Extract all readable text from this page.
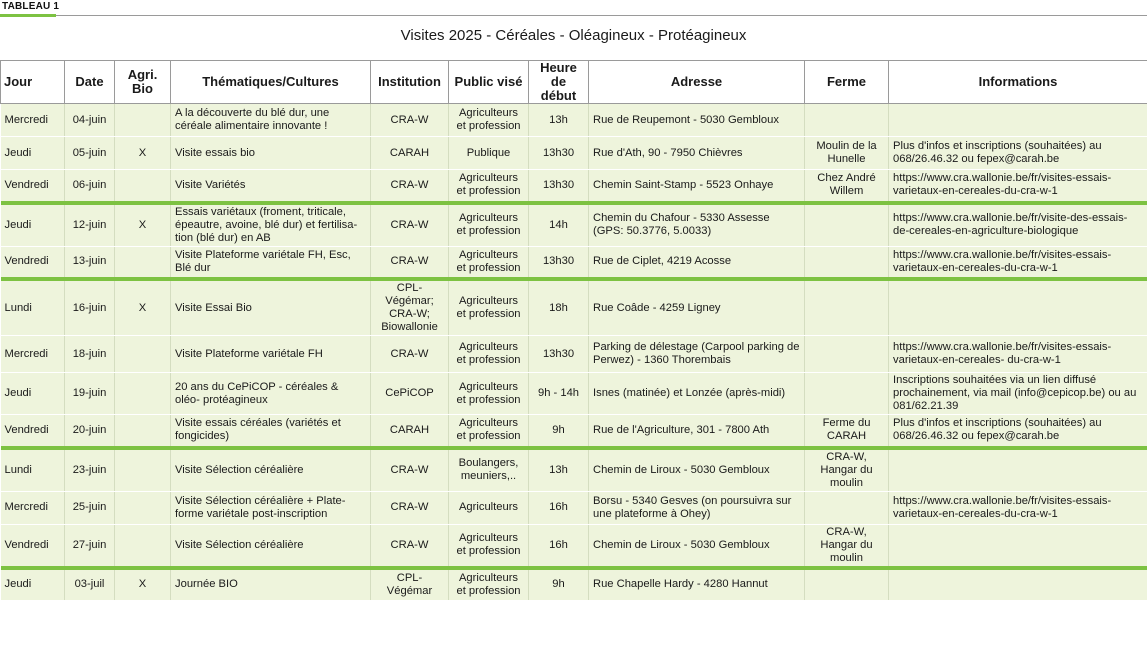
TABLEAU 1
Visites 2025 - Céréales - Oléagineux - Protéagineux
Jour	Date	Agri. Bio	Thématiques/Cultures	Institution	Public visé	Heure de début	Adresse	Ferme	Informations
Mercredi	04-juin		A la découverte du blé dur, une céréale alimentaire innovante !	CRA-W	Agriculteurs et profession	13h	Rue de Reupemont - 5030 Gembloux		
Jeudi	05-juin	X	Visite essais bio	CARAH	Publique	13h30	Rue d'Ath, 90 - 7950 Chièvres	Moulin de la Hunelle	Plus d'infos et inscriptions (souhaitées) au 068/26.46.32 ou fepex@carah.be
Vendredi	06-juin		Visite Variétés	CRA-W	Agriculteurs et profession	13h30	Chemin Saint-Stamp - 5523 Onhaye	Chez André Willem	https://www.cra.wallonie.be/fr/visites-essais-varietaux-en-cereales-du-cra-w-1
Jeudi	12-juin	X	Essais variétaux (froment, triticale, épeautre, avoine, blé dur) et fertilisa-tion (blé dur) en AB	CRA-W	Agriculteurs et profession	14h	Chemin du Chafour - 5330 Assesse (GPS: 50.3776, 5.0033)		https://www.cra.wallonie.be/fr/visite-des-essais-de-cereales-en-agriculture-biologique
Vendredi	13-juin		Visite Plateforme variétale FH, Esc, Blé dur	CRA-W	Agriculteurs et profession	13h30	Rue de Ciplet, 4219 Acosse		https://www.cra.wallonie.be/fr/visites-essais-varietaux-en-cereales-du-cra-w-1
Lundi	16-juin	X	Visite Essai Bio	CPL-Végémar; CRA-W; Biowallonie	Agriculteurs et profession	18h	Rue Coâde - 4259 Ligney		
Mercredi	18-juin		Visite Plateforme variétale FH	CRA-W	Agriculteurs et profession	13h30	Parking de délestage (Carpool parking de Perwez) - 1360 Thorembais		https://www.cra.wallonie.be/fr/visites-essais-varietaux-en-cereales- du-cra-w-1
Jeudi	19-juin		20 ans du CePiCOP - céréales & oléo- protéagineux	CePiCOP	Agriculteurs et profession	9h - 14h	Isnes (matinée) et Lonzée (après-midi)		Inscriptions souhaitées via un lien diffusé prochainement, via mail (info@cepicop.be) ou au 081/62.21.39
Vendredi	20-juin		Visite essais céréales (variétés et fongicides)	CARAH	Agriculteurs et profession	9h	Rue de l'Agriculture, 301 - 7800 Ath	Ferme du CARAH	Plus d'infos et inscriptions (souhaitées) au 068/26.46.32 ou fepex@carah.be
Lundi	23-juin		Visite Sélection céréalière	CRA-W	Boulangers, meuniers,..	13h	Chemin de Liroux - 5030 Gembloux	CRA-W, Hangar du moulin	
Mercredi	25-juin		Visite Sélection céréalière + Plate-forme variétale post-inscription	CRA-W	Agriculteurs	16h	Borsu - 5340 Gesves (on poursuivra sur une plateforme à Ohey)		https://www.cra.wallonie.be/fr/visites-essais-varietaux-en-cereales-du-cra-w-1
Vendredi	27-juin		Visite Sélection céréalière	CRA-W	Agriculteurs et profession	16h	Chemin de Liroux - 5030 Gembloux	CRA-W, Hangar du moulin	
Jeudi	03-juil	X	Journée BIO	CPL-Végémar	Agriculteurs et profession	9h	Rue Chapelle Hardy - 4280 Hannut		
